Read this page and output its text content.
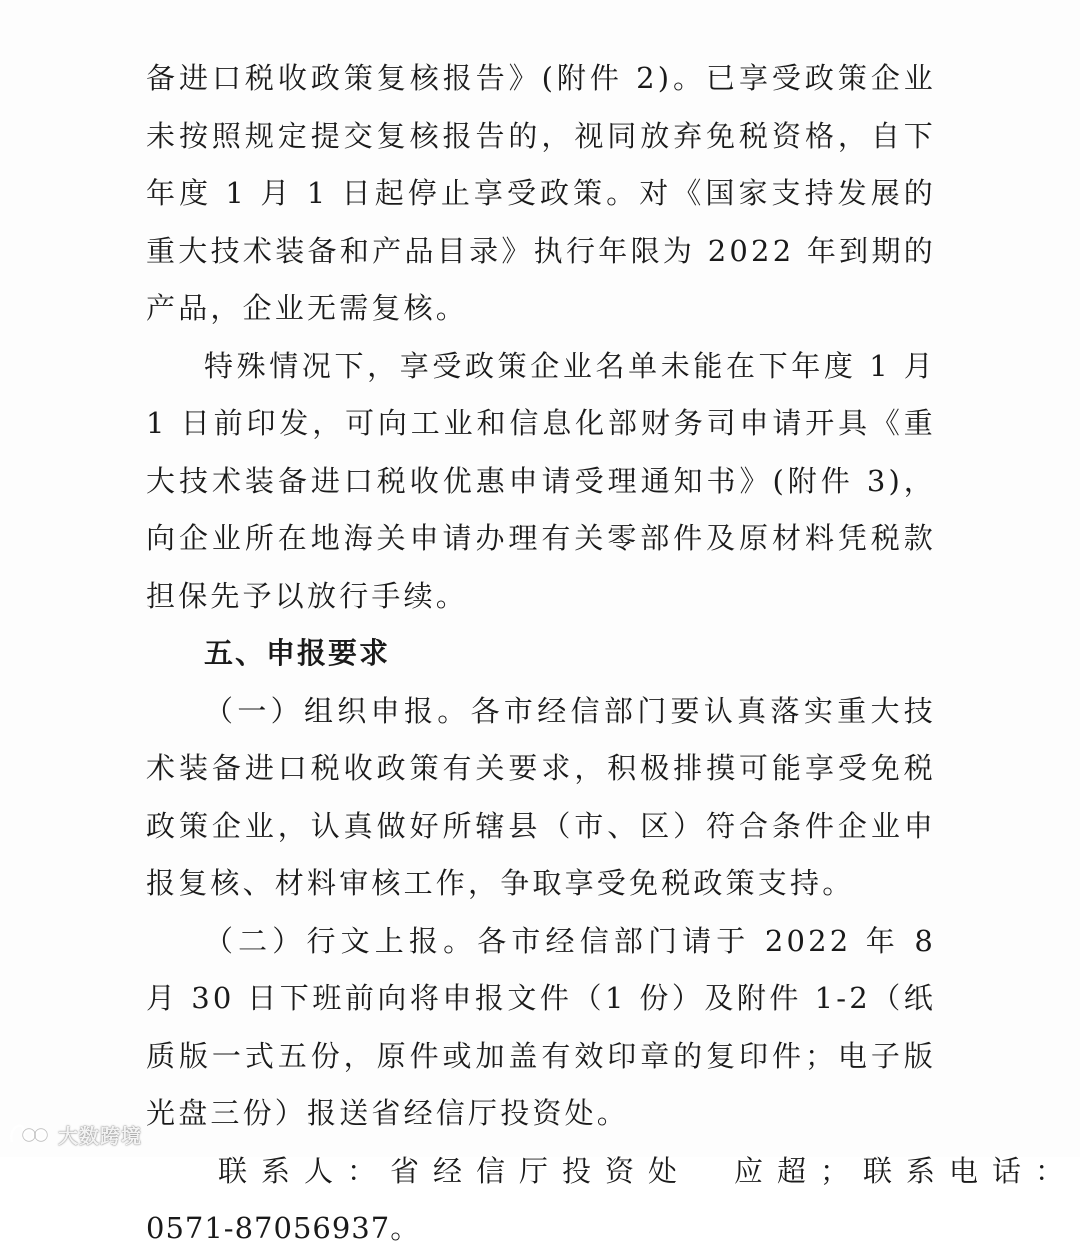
备进口税收政策复核报告》(附件 2)。已享受政策企业未按照规定提交复核报告的，视同放弃免税资格，自下年度 1 月 1 日起停止享受政策。对《国家支持发展的重大技术装备和产品目录》执行年限为 2022 年到期的产品，企业无需复核。

特殊情况下，享受政策企业名单未能在下年度 1 月 1 日前印发，可向工业和信息化部财务司申请开具《重大技术装备进口税收优惠申请受理通知书》(附件 3)，向企业所在地海关申请办理有关零部件及原材料凭税款担保先予以放行手续。

五、申报要求

（一）组织申报。各市经信部门要认真落实重大技术装备进口税收政策有关要求，积极排摸可能享受免税政策企业，认真做好所辖县（市、区）符合条件企业申报复核、材料审核工作，争取享受免税政策支持。

（二）行文上报。各市经信部门请于 2022 年 8 月 30 日下班前向将申报文件（1 份）及附件 1-2（纸质版一式五份，原件或加盖有效印章的复印件；电子版光盘三份）报送省经信厅投资处。

联系人：省经信厅投资处　应超；联系电话：

0571-87056937。

大数跨境
